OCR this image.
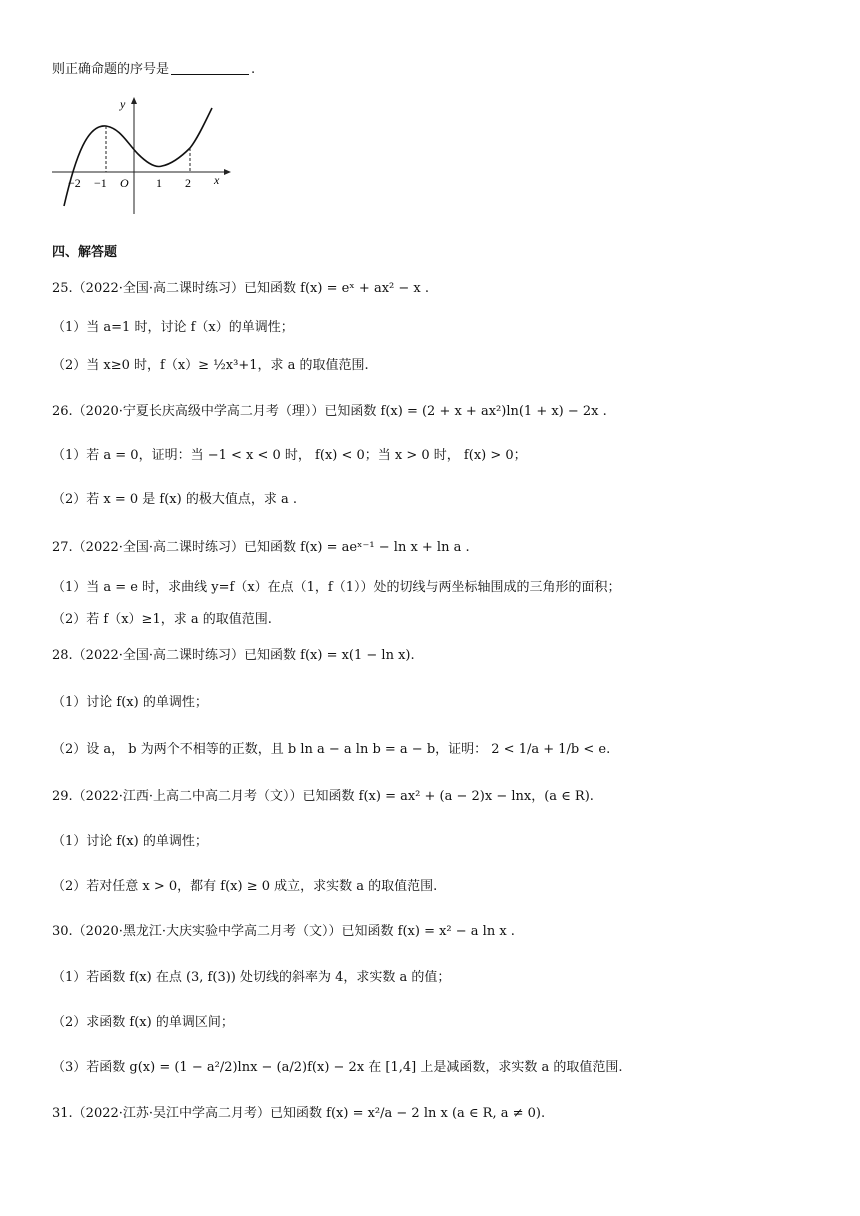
则正确命题的序号是	.
y
x
O
−2 −1	1 2
四、解答题
25.（2022·全国·高二课时练习）已知函数 f(x) = eˣ + ax² − x .
（1）当 a=1 时，讨论 f（x）的单调性；
（2）当 x≥0 时，f（x）≥ ½x³+1，求 a 的取值范围.
26.（2020·宁夏长庆高级中学高二月考（理））已知函数 f(x) = (2 + x + ax²)ln(1 + x) − 2x .
（1）若 a = 0，证明：当 −1 < x < 0 时， f(x) < 0；当 x > 0 时， f(x) > 0；
（2）若 x = 0 是 f(x) 的极大值点，求 a .
27.（2022·全国·高二课时练习）已知函数 f(x) = aeˣ⁻¹ − ln x + ln a .
（1）当 a = e 时，求曲线 y=f（x）在点（1，f（1））处的切线与两坐标轴围成的三角形的面积；
（2）若 f（x）≥1，求 a 的取值范围.
28.（2022·全国·高二课时练习）已知函数 f(x) = x(1 − ln x).
（1）讨论 f(x) 的单调性；
（2）设 a， b 为两个不相等的正数，且 b ln a − a ln b = a − b，证明： 2 < 1/a + 1/b < e.
29.（2022·江西·上高二中高二月考（文））已知函数 f(x) = ax² + (a − 2)x − lnx，(a ∈ R).
（1）讨论 f(x) 的单调性；
（2）若对任意 x > 0，都有 f(x) ≥ 0 成立，求实数 a 的取值范围.
30.（2020·黑龙江·大庆实验中学高二月考（文））已知函数 f(x) = x² − a ln x .
（1）若函数 f(x) 在点 (3, f(3)) 处切线的斜率为 4，求实数 a 的值；
（2）求函数 f(x) 的单调区间；
（3）若函数 g(x) = (1 − a²/2)lnx − (a/2)f(x) − 2x 在 [1,4] 上是减函数，求实数 a 的取值范围.
31.（2022·江苏·吴江中学高二月考）已知函数 f(x) = x²/a − 2 ln x (a ∈ R, a ≠ 0).
